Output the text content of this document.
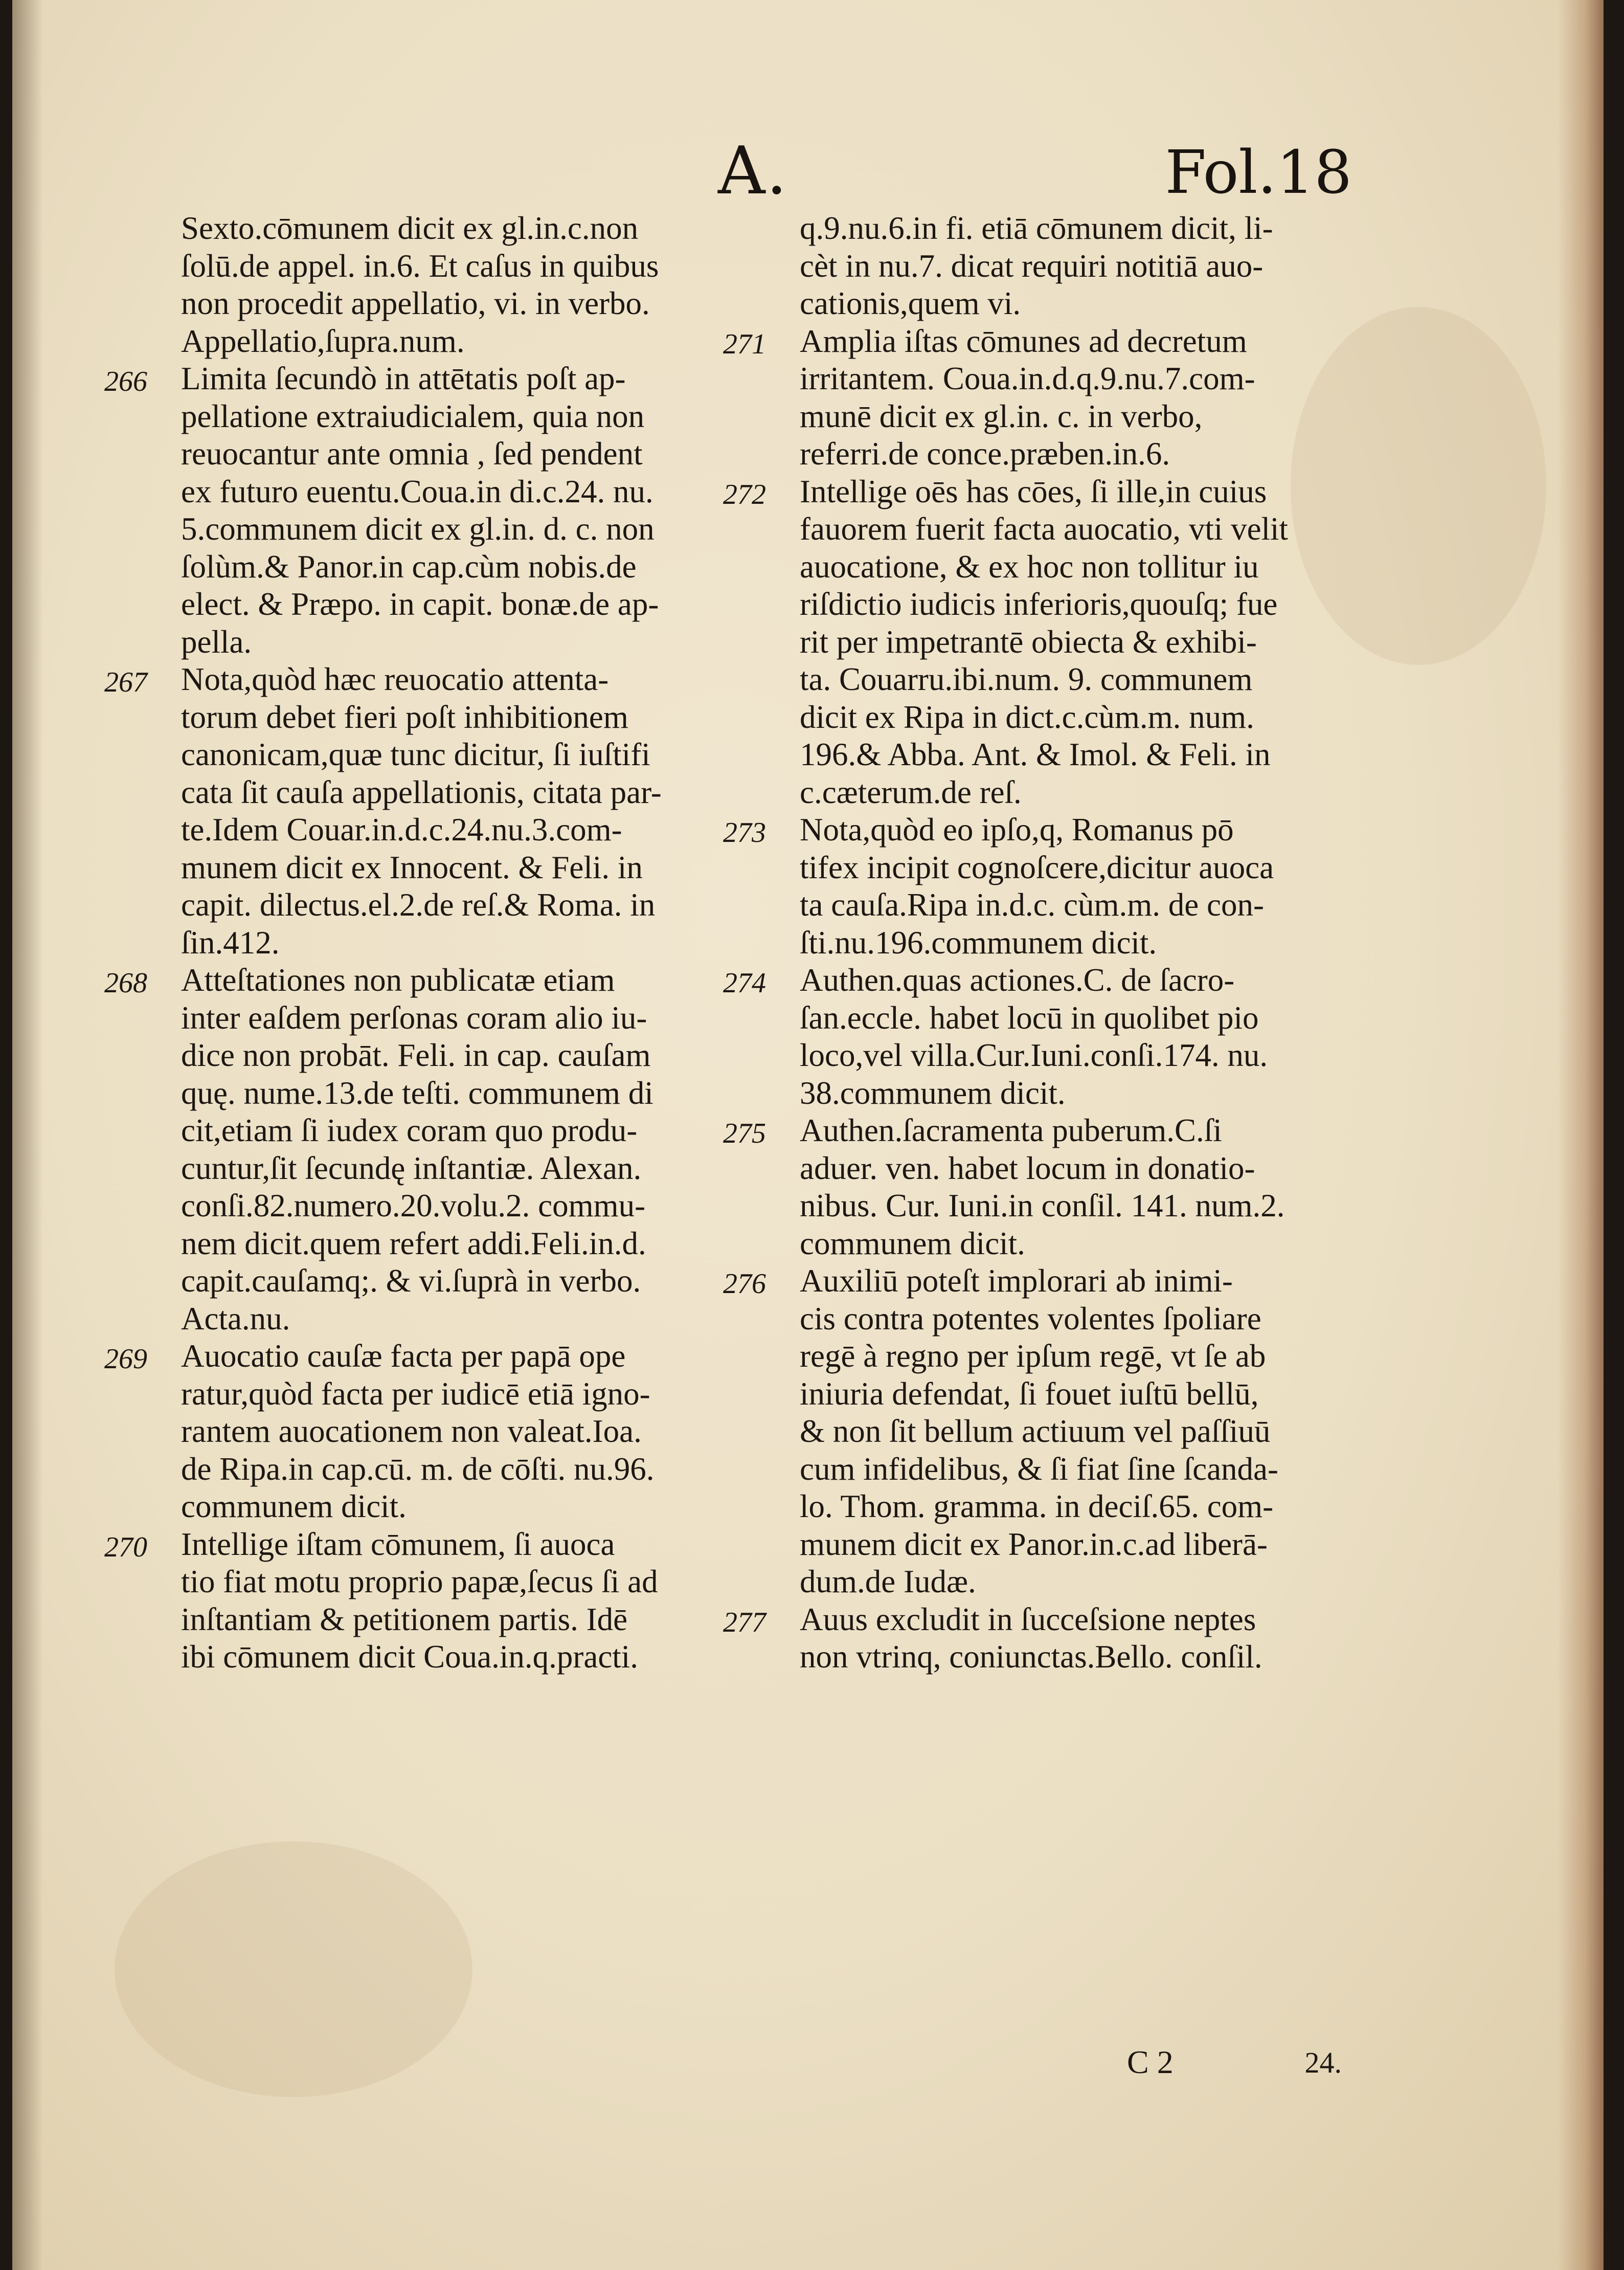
A.	Fol.18
Sexto.cōmunem dicit ex gl.in.c.non
ſolū.de appel. in.6. Et caſus in quibus
non procedit appellatio, vi. in verbo.
Appellatio,ſupra.num.
266	Limita ſecundò in attētatis poſt ap-
pellatione extraiudicialem, quia non
reuocantur ante omnia , ſed pendent
ex futuro euentu.Coua.in di.c.24. nu.
5.communem dicit ex gl.in. d. c. non
ſolùm.& Panor.in cap.cùm nobis.de
elect. & Præpo. in capit. bonæ.de ap-
pella.
267	Nota,quòd hæc reuocatio attenta-
torum debet fieri poſt inhibitionem
canonicam,quæ tunc dicitur, ſi iuſtifi
cata ſit cauſa appellationis, citata par-
te.Idem Couar.in.d.c.24.nu.3.com-
munem dicit ex Innocent. & Feli. in
capit. dilectus.el.2.de reſ.& Roma. in
ſin.412.
268	Atteſtationes non publicatæ etiam
inter eaſdem perſonas coram alio iu-
dice non probāt. Feli. in cap. cauſam
quę. nume.13.de teſti. communem di
cit,etiam ſi iudex coram quo produ-
cuntur,ſit ſecundę inſtantiæ. Alexan.
conſi.82.numero.20.volu.2. commu-
nem dicit.quem refert addi.Feli.in.d.
capit.cauſamq;. & vi.ſuprà in verbo.
Acta.nu.
269	Auocatio cauſæ facta per papā ope
ratur,quòd facta per iudicē etiā igno-
rantem auocationem non valeat.Ioa.
de Ripa.in cap.cū. m. de cōſti. nu.96.
communem dicit.
270	Intellige iſtam cōmunem, ſi auoca
tio fiat motu proprio papæ,ſecus ſi ad
inſtantiam & petitionem partis. Idē
ibi cōmunem dicit Coua.in.q.practi.
q.9.nu.6.in fi. etiā cōmunem dicit, li-
cèt in nu.7. dicat requiri notitiā auo-
cationis,quem vi.
271	Amplia iſtas cōmunes ad decretum
irritantem. Coua.in.d.q.9.nu.7.com-
munē dicit ex gl.in. c. in verbo,
referri.de conce.præben.in.6.
272	Intellige oēs has cōes, ſi ille,in cuius
fauorem fuerit facta auocatio, vti velit
auocatione, & ex hoc non tollitur iu
riſdictio iudicis inferioris,quouſq; fue
rit per impetrantē obiecta & exhibi-
ta. Couarru.ibi.num. 9. communem
dicit ex Ripa in dict.c.cùm.m. num.
196.& Abba. Ant. & Imol. & Feli. in
c.cæterum.de reſ.
273	Nota,quòd eo ipſo,q, Romanus pō
tifex incipit cognoſcere,dicitur auoca
ta cauſa.Ripa in.d.c. cùm.m. de con-
ſti.nu.196.communem dicit.
274	Authen.quas actiones.C. de ſacro-
ſan.eccle. habet locū in quolibet pio
loco,vel villa.Cur.Iuni.conſi.174. nu.
38.communem dicit.
275	Authen.ſacramenta puberum.C.ſi
aduer. ven. habet locum in donatio-
nibus. Cur. Iuni.in conſil. 141. num.2.
communem dicit.
276	Auxiliū poteſt implorari ab inimi-
cis contra potentes volentes ſpoliare
regē à regno per ipſum regē, vt ſe ab
iniuria defendat, ſi fouet iuſtū bellū,
& non ſit bellum actiuum vel paſſiuū
cum infidelibus, & ſi fiat ſine ſcanda-
lo. Thom. gramma. in deciſ.65. com-
munem dicit ex Panor.in.c.ad liberā-
dum.de Iudæ.
277	Auus excludit in ſucceſsione neptes
non vtrinq, coniunctas.Bello. conſil.
C 2	24.
